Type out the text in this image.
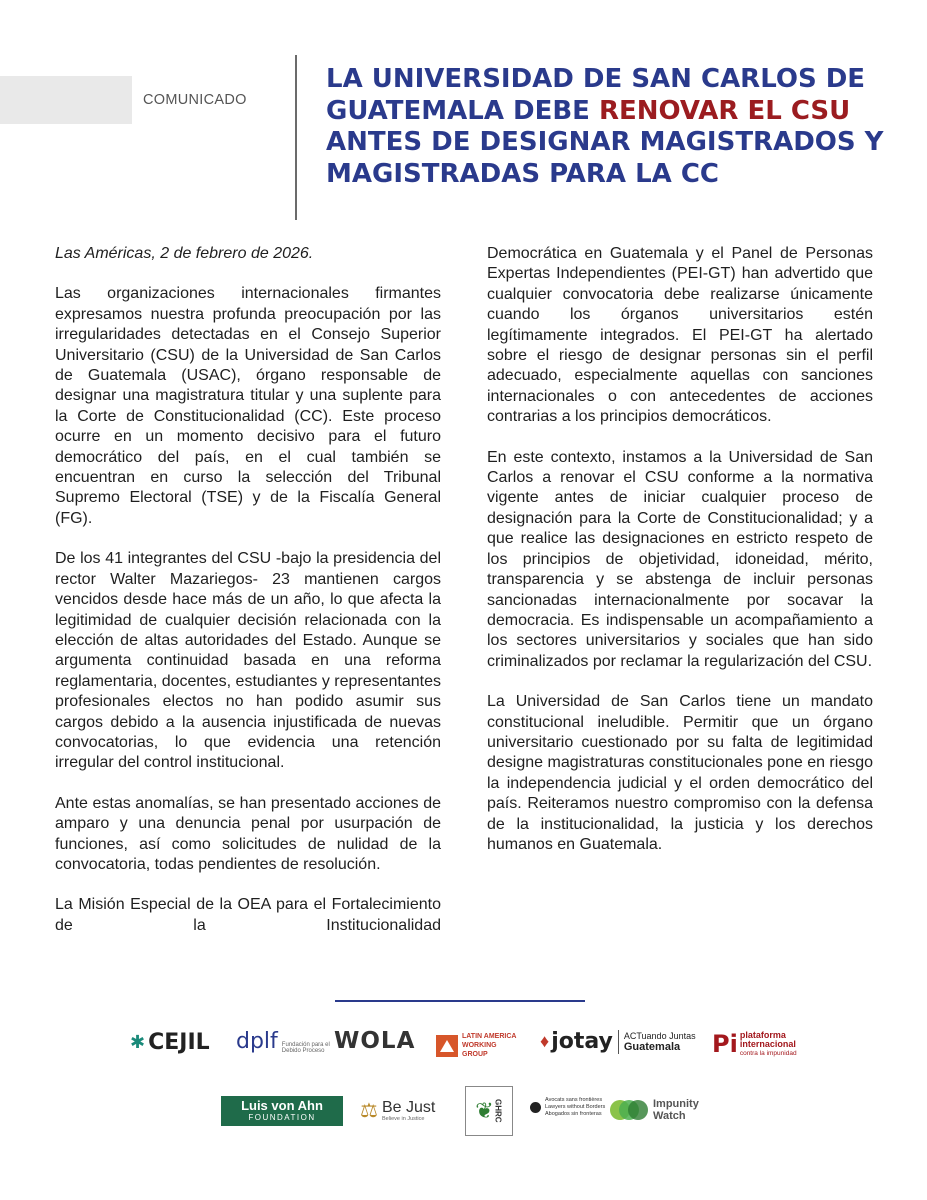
COMUNICADO
LA UNIVERSIDAD DE SAN CARLOS DE GUATEMALA DEBE RENOVAR EL CSU ANTES DE DESIGNAR MAGISTRADOS Y MAGISTRADAS PARA LA CC

Las Américas, 2 de febrero de 2026.

Las organizaciones internacionales firmantes expresamos nuestra profunda preocupación por las irregularidades detectadas en el Consejo Superior Universitario (CSU) de la Universidad de San Carlos de Guatemala (USAC), órgano responsable de designar una magistratura titular y una suplente para la Corte de Constitucionalidad (CC). Este proceso ocurre en un momento decisivo para el futuro democrático del país, en el cual también se encuentran en curso la selección del Tribunal Supremo Electoral (TSE) y de la Fiscalía General (FG).

De los 41 integrantes del CSU -bajo la presidencia del rector Walter Mazariegos- 23 mantienen cargos vencidos desde hace más de un año, lo que afecta la legitimidad de cualquier decisión relacionada con la elección de altas autoridades del Estado. Aunque se argumenta continuidad basada en una reforma reglamentaria, docentes, estudiantes y representantes profesionales electos no han podido asumir sus cargos debido a la ausencia injustificada de nuevas convocatorias, lo que evidencia una retención irregular del control institucional.

Ante estas anomalías, se han presentado acciones de amparo y una denuncia penal por usurpación de funciones, así como solicitudes de nulidad de la convocatoria, todas pendientes de resolución.

La Misión Especial de la OEA para el Fortalecimiento de la Institucionalidad

Democrática en Guatemala y el Panel de Personas Expertas Independientes (PEI-GT) han advertido que cualquier convocatoria debe realizarse únicamente cuando los órganos universitarios estén legítimamente integrados. El PEI-GT ha alertado sobre el riesgo de designar personas sin el perfil adecuado, especialmente aquellas con sanciones internacionales o con antecedentes de acciones contrarias a los principios democráticos.

En este contexto, instamos a la Universidad de San Carlos a renovar el CSU conforme a la normativa vigente antes de iniciar cualquier proceso de designación para la Corte de Constitucionalidad; y a que realice las designaciones en estricto respeto de los principios de objetividad, idoneidad, mérito, transparencia y se abstenga de incluir personas sancionadas internacionalmente por socavar la democracia. Es indispensable un acompañamiento a los sectores universitarios y sociales que han sido criminalizados por reclamar la regularización del CSU.

La Universidad de San Carlos tiene un mandato constitucional ineludible. Permitir que un órgano universitario cuestionado por su falta de legitimidad designe magistraturas constitucionales pone en riesgo la independencia judicial y el orden democrático del país. Reiteramos nuestro compromiso con la defensa de la institucionalidad, la justicia y los derechos humanos en Guatemala.

✱ CEJIL dplf Fundación para el Debido Proceso WOLA	LATIN AMERICA WORKING GROUP
♦ jotay ACTuando Juntas
Guatemala	Pi plataforma
internacional
contra la impunidad
Luis von Ahn
FOUNDATION ⚖ Be Just
Believe in Justice	❦ GHRC	Avocats sans frontières
Lawyers without Borders
Abogados sin fronteras
Impunity
Watch
